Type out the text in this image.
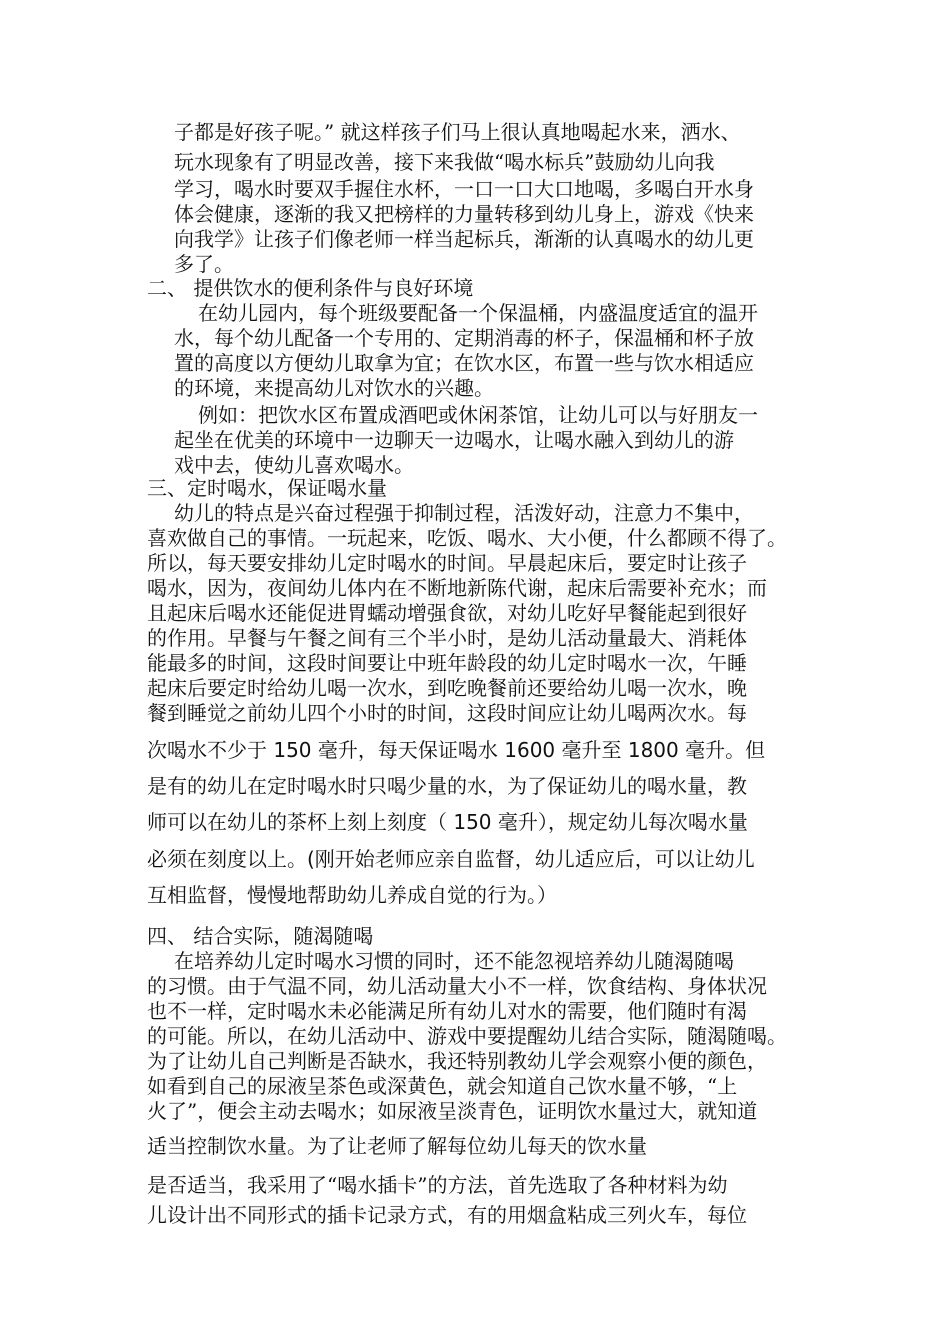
子都是好孩子呢。” 就这样孩子们马上很认真地喝起水来，洒水、
玩水现象有了明显改善，接下来我做“喝水标兵”鼓励幼儿向我
学习，喝水时要双手握住水杯，一口一口大口地喝，多喝白开水身
体会健康，逐渐的我又把榜样的力量转移到幼儿身上，游戏《快来
向我学》让孩子们像老师一样当起标兵，渐渐的认真喝水的幼儿更
多了。
二、 提供饮水的便利条件与良好环境
在幼儿园内，每个班级要配备一个保温桶，内盛温度适宜的温开
水，每个幼儿配备一个专用的、定期消毒的杯子，保温桶和杯子放
置的高度以方便幼儿取拿为宜；在饮水区，布置一些与饮水相适应
的环境，来提高幼儿对饮水的兴趣。
例如：把饮水区布置成酒吧或休闲茶馆，让幼儿可以与好朋友一
起坐在优美的环境中一边聊天一边喝水，让喝水融入到幼儿的游
戏中去，使幼儿喜欢喝水。
三、定时喝水，保证喝水量
幼儿的特点是兴奋过程强于抑制过程，活泼好动，注意力不集中，
喜欢做自己的事情。一玩起来，吃饭、喝水、大小便，什么都顾不得了。
所以，每天要安排幼儿定时喝水的时间。早晨起床后，要定时让孩子
喝水，因为，夜间幼儿体内在不断地新陈代谢，起床后需要补充水；而
且起床后喝水还能促进胃蠕动增强食欲，对幼儿吃好早餐能起到很好
的作用。早餐与午餐之间有三个半小时，是幼儿活动量最大、消耗体
能最多的时间，这段时间要让中班年龄段的幼儿定时喝水一次，午睡
起床后要定时给幼儿喝一次水，到吃晚餐前还要给幼儿喝一次水，晚
餐到睡觉之前幼儿四个小时的时间，这段时间应让幼儿喝两次水。每
次喝水不少于 150 毫升，每天保证喝水 1600 毫升至 1800 毫升。但
是有的幼儿在定时喝水时只喝少量的水，为了保证幼儿的喝水量，教
师可以在幼儿的茶杯上刻上刻度（ 150 毫升），规定幼儿每次喝水量
必须在刻度以上。(刚开始老师应亲自监督，幼儿适应后，可以让幼儿
互相监督，慢慢地帮助幼儿养成自觉的行为。）
四、 结合实际，随渴随喝
在培养幼儿定时喝水习惯的同时，还不能忽视培养幼儿随渴随喝
的习惯。由于气温不同，幼儿活动量大小不一样，饮食结构、身体状况
也不一样，定时喝水未必能满足所有幼儿对水的需要，他们随时有渴
的可能。所以，在幼儿活动中、游戏中要提醒幼儿结合实际，随渴随喝。
为了让幼儿自己判断是否缺水，我还特别教幼儿学会观察小便的颜色，
如看到自己的尿液呈茶色或深黄色，就会知道自己饮水量不够，“上
火了”，便会主动去喝水；如尿液呈淡青色，证明饮水量过大，就知道
适当控制饮水量。为了让老师了解每位幼儿每天的饮水量
是否适当，我采用了“喝水插卡”的方法，首先选取了各种材料为幼
儿设计出不同形式的插卡记录方式，有的用烟盒粘成三列火车，每位
